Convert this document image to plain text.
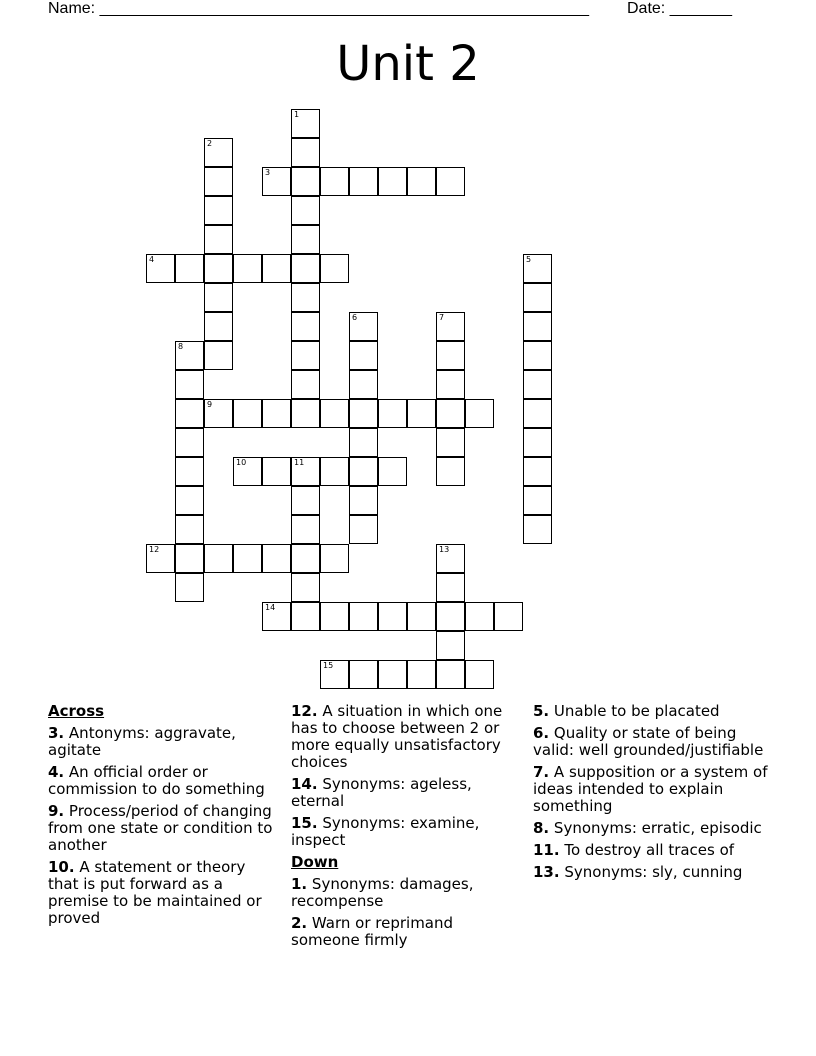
Name: _______________________________________________________ Date: _______
Unit 2
1
2
3
4	5
6	7
8
9
10	11
12	13
14
15
Across
3. Antonyms: aggravate, agitate
4. An official order or commission to do something
9. Process/period of changing from one state or condition to another
10. A statement or theory that is put forward as a premise to be maintained or proved
12. A situation in which one has to choose between 2 or more equally unsatisfactory choices
14. Synonyms: ageless, eternal
15. Synonyms: examine, inspect
Down
1. Synonyms: damages, recompense
2. Warn or reprimand someone firmly
5. Unable to be placated
6. Quality or state of being valid: well grounded/justifiable
7. A supposition or a system of ideas intended to explain something
8. Synonyms: erratic, episodic
11. To destroy all traces of
13. Synonyms: sly, cunning
